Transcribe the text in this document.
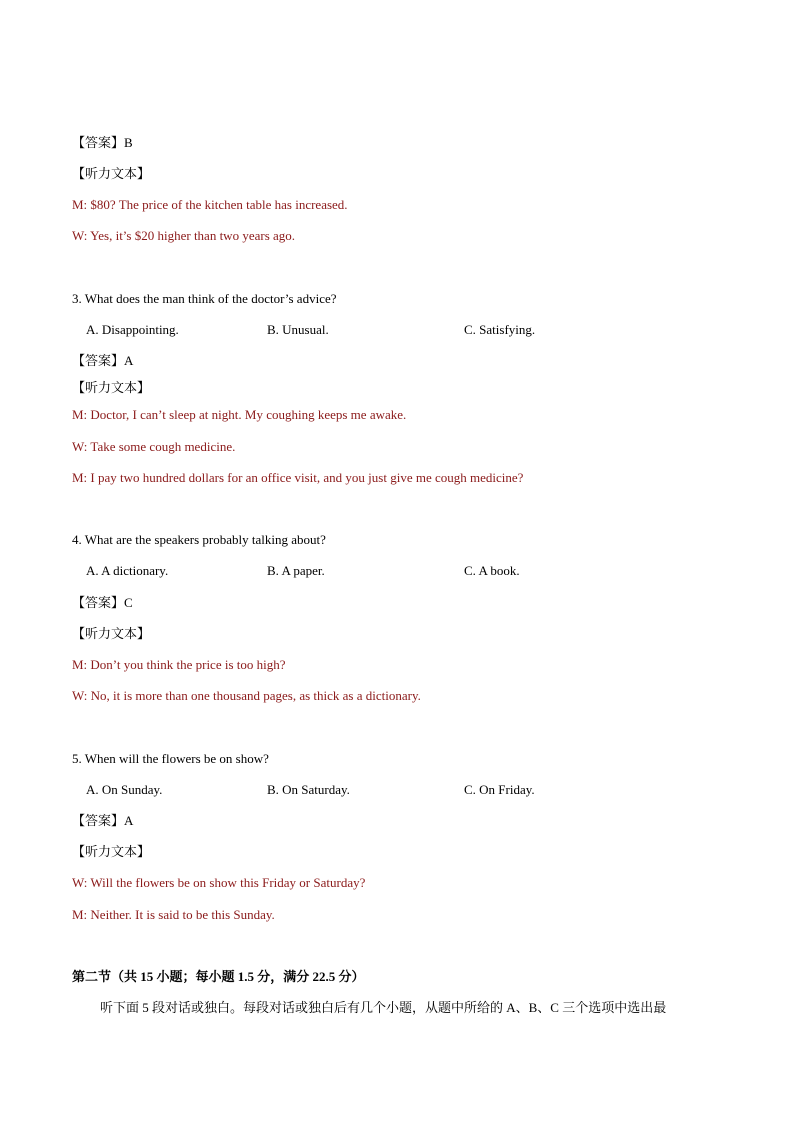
【答案】B
【听力文本】
M: $80? The price of the kitchen table has increased.
W: Yes, it’s $20 higher than two years ago.
3. What does the man think of the doctor’s advice?
A. Disappointing.	B. Unusual.	C. Satisfying.
【答案】A
【听力文本】
M: Doctor, I can’t sleep at night. My coughing keeps me awake.
W: Take some cough medicine.
M: I pay two hundred dollars for an office visit, and you just give me cough medicine?
4. What are the speakers probably talking about?
A. A dictionary.	B. A paper.	C. A book.
【答案】C
【听力文本】
M: Don’t you think the price is too high?
W: No, it is more than one thousand pages, as thick as a dictionary.
5. When will the flowers be on show?
A. On Sunday.	B. On Saturday.	C. On Friday.
【答案】A
【听力文本】
W: Will the flowers be on show this Friday or Saturday?
M: Neither. It is said to be this Sunday.
第二节（共 15 小题；每小题 1.5 分，满分 22.5 分）
听下面 5 段对话或独白。每段对话或独白后有几个小题，从题中所给的 A、B、C 三个选项中选出最
